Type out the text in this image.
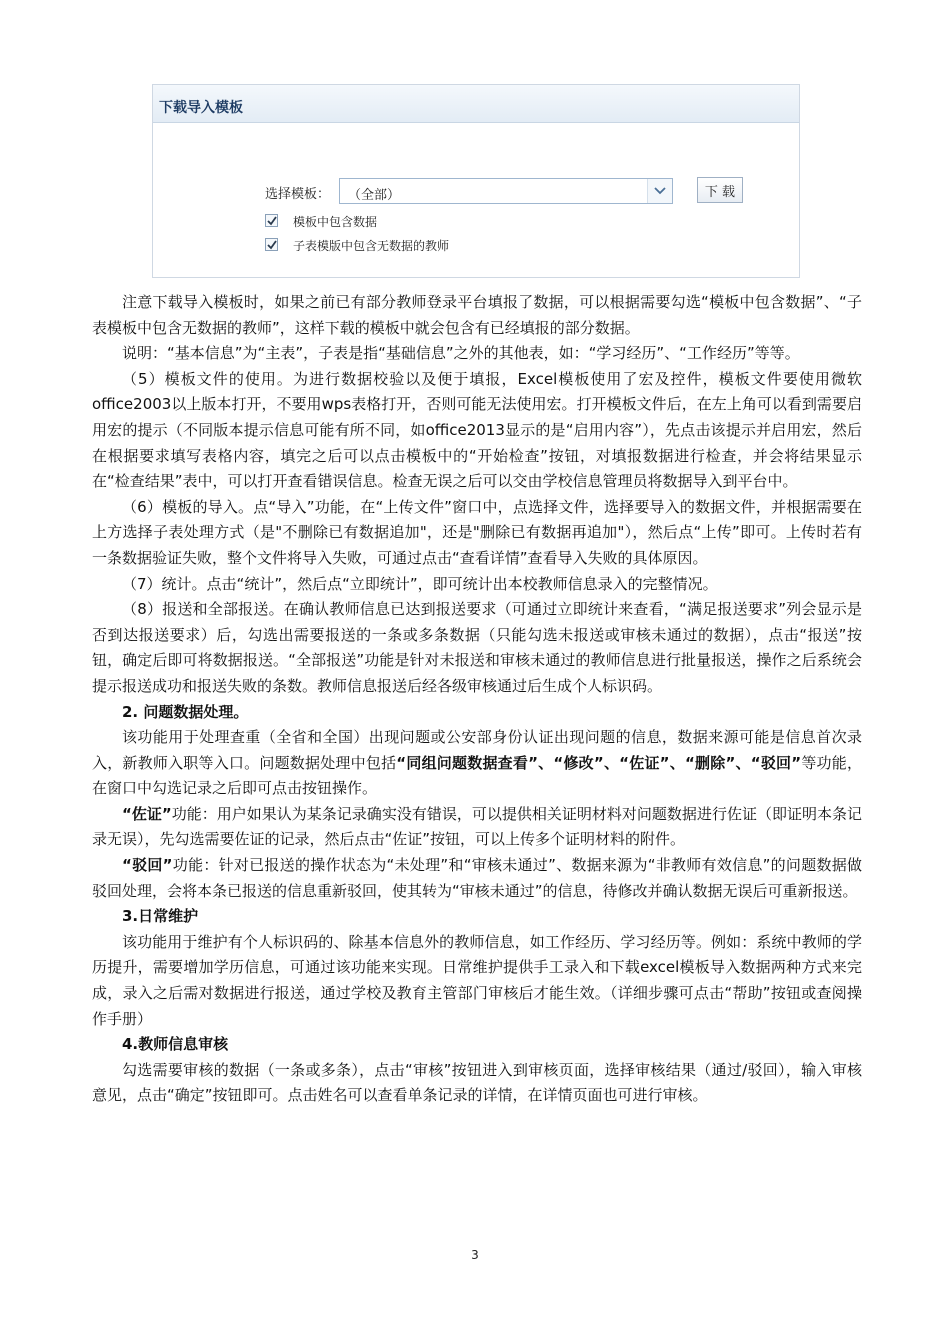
下载导入模板
选择模板： （全部）	下 载
模板中包含数据
子表模版中包含无数据的教师

注意下载导入模板时，如果之前已有部分教师登录平台填报了数据，可以根据需要勾选“模板中包含数据”、“子表模板中包含无数据的教师”，这样下载的模板中就会包含有已经填报的部分数据。

说明：“基本信息”为“主表”，子表是指“基础信息”之外的其他表，如：“学习经历”、“工作经历”等等。

（5）模板文件的使用。为进行数据校验以及便于填报，Excel模板使用了宏及控件，模板文件要使用微软office2003以上版本打开，不要用wps表格打开，否则可能无法使用宏。打开模板文件后，在左上角可以看到需要启用宏的提示（不同版本提示信息可能有所不同，如office2013显示的是“启用内容”），先点击该提示并启用宏，然后在根据要求填写表格内容，填完之后可以点击模板中的“开始检查”按钮，对填报数据进行检查，并会将结果显示在“检查结果”表中，可以打开查看错误信息。检查无误之后可以交由学校信息管理员将数据导入到平台中。

（6）模板的导入。点“导入”功能，在“上传文件”窗口中，点选择文件，选择要导入的数据文件，并根据需要在上方选择子表处理方式（是"不删除已有数据追加"，还是"删除已有数据再追加"），然后点“上传”即可。上传时若有一条数据验证失败，整个文件将导入失败，可通过点击“查看详情”查看导入失败的具体原因。

（7）统计。点击“统计”，然后点“立即统计”，即可统计出本校教师信息录入的完整情况。

（8）报送和全部报送。在确认教师信息已达到报送要求（可通过立即统计来查看，“满足报送要求”列会显示是否到达报送要求）后，勾选出需要报送的一条或多条数据（只能勾选未报送或审核未通过的数据），点击“报送”按钮，确定后即可将数据报送。“全部报送”功能是针对未报送和审核未通过的教师信息进行批量报送，操作之后系统会提示报送成功和报送失败的条数。教师信息报送后经各级审核通过后生成个人标识码。

2. 问题数据处理。

该功能用于处理查重（全省和全国）出现问题或公安部身份认证出现问题的信息，数据来源可能是信息首次录入，新教师入职等入口。问题数据处理中包括“同组问题数据查看”、“修改”、“佐证”、“删除”、“驳回”等功能，在窗口中勾选记录之后即可点击按钮操作。

“佐证”功能：用户如果认为某条记录确实没有错误，可以提供相关证明材料对问题数据进行佐证（即证明本条记录无误），先勾选需要佐证的记录，然后点击“佐证”按钮，可以上传多个证明材料的附件。

“驳回”功能：针对已报送的操作状态为“未处理”和“审核未通过”、数据来源为“非教师有效信息”的问题数据做驳回处理，会将本条已报送的信息重新驳回，使其转为“审核未通过”的信息，待修改并确认数据无误后可重新报送。

3.日常维护

该功能用于维护有个人标识码的、除基本信息外的教师信息，如工作经历、学习经历等。例如：系统中教师的学历提升，需要增加学历信息，可通过该功能来实现。日常维护提供手工录入和下载excel模板导入数据两种方式来完成，录入之后需对数据进行报送，通过学校及教育主管部门审核后才能生效。（详细步骤可点击“帮助”按钮或查阅操作手册）

4.教师信息审核

勾选需要审核的数据（一条或多条），点击“审核”按钮进入到审核页面，选择审核结果（通过/驳回），输入审核意见，点击“确定”按钮即可。点击姓名可以查看单条记录的详情，在详情页面也可进行审核。

3
